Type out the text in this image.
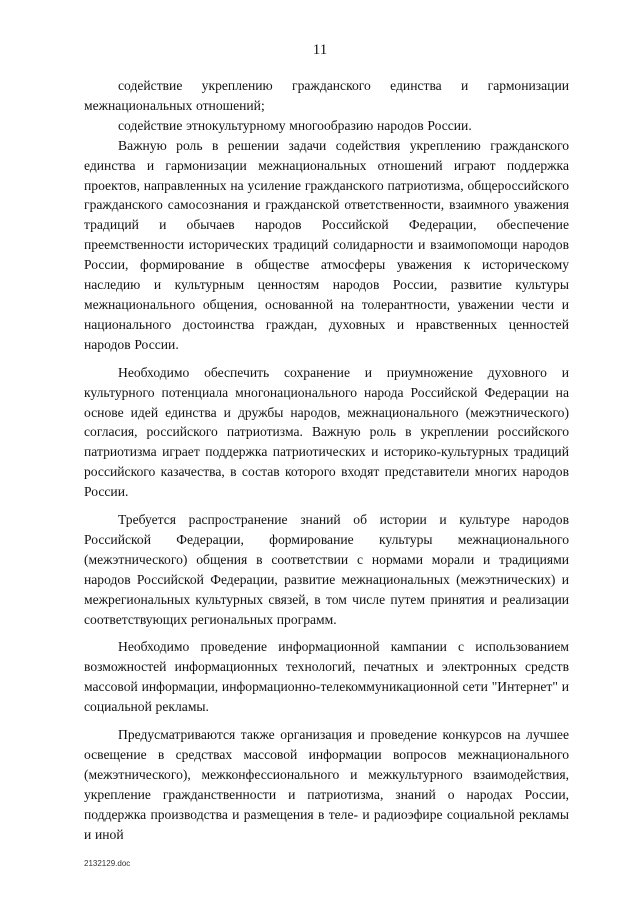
11

содействие укреплению гражданского единства и гармонизации межнациональных отношений;

содействие этнокультурному многообразию народов России.

Важную роль в решении задачи содействия укреплению гражданского единства и гармонизации межнациональных отношений играют поддержка проектов, направленных на усиление гражданского патриотизма, общероссийского гражданского самосознания и гражданской ответственности, взаимного уважения традиций и обычаев народов Российской Федерации, обеспечение преемственности исторических традиций солидарности и взаимопомощи народов России, формирование в обществе атмосферы уважения к историческому наследию и культурным ценностям народов России, развитие культуры межнационального общения, основанной на толерантности, уважении чести и национального достоинства граждан, духовных и нравственных ценностей народов России.

Необходимо обеспечить сохранение и приумножение духовного и культурного потенциала многонационального народа Российской Федерации на основе идей единства и дружбы народов, межнационального (межэтнического) согласия, российского патриотизма. Важную роль в укреплении российского патриотизма играет поддержка патриотических и историко-культурных традиций российского казачества, в состав которого входят представители многих народов России.

Требуется распространение знаний об истории и культуре народов Российской Федерации, формирование культуры межнационального (межэтнического) общения в соответствии с нормами морали и традициями народов Российской Федерации, развитие межнациональных (межэтнических) и межрегиональных культурных связей, в том числе путем принятия и реализации соответствующих региональных программ.

Необходимо проведение информационной кампании с использованием возможностей информационных технологий, печатных и электронных средств массовой информации, информационно-телекоммуникационной сети "Интернет" и социальной рекламы.

Предусматриваются также организация и проведение конкурсов на лучшее освещение в средствах массовой информации вопросов межнационального (межэтнического), межконфессионального и межкультурного взаимодействия, укрепление гражданственности и патриотизма, знаний о народах России, поддержка производства и размещения в теле- и радиоэфире социальной рекламы и иной

2132129.doc
